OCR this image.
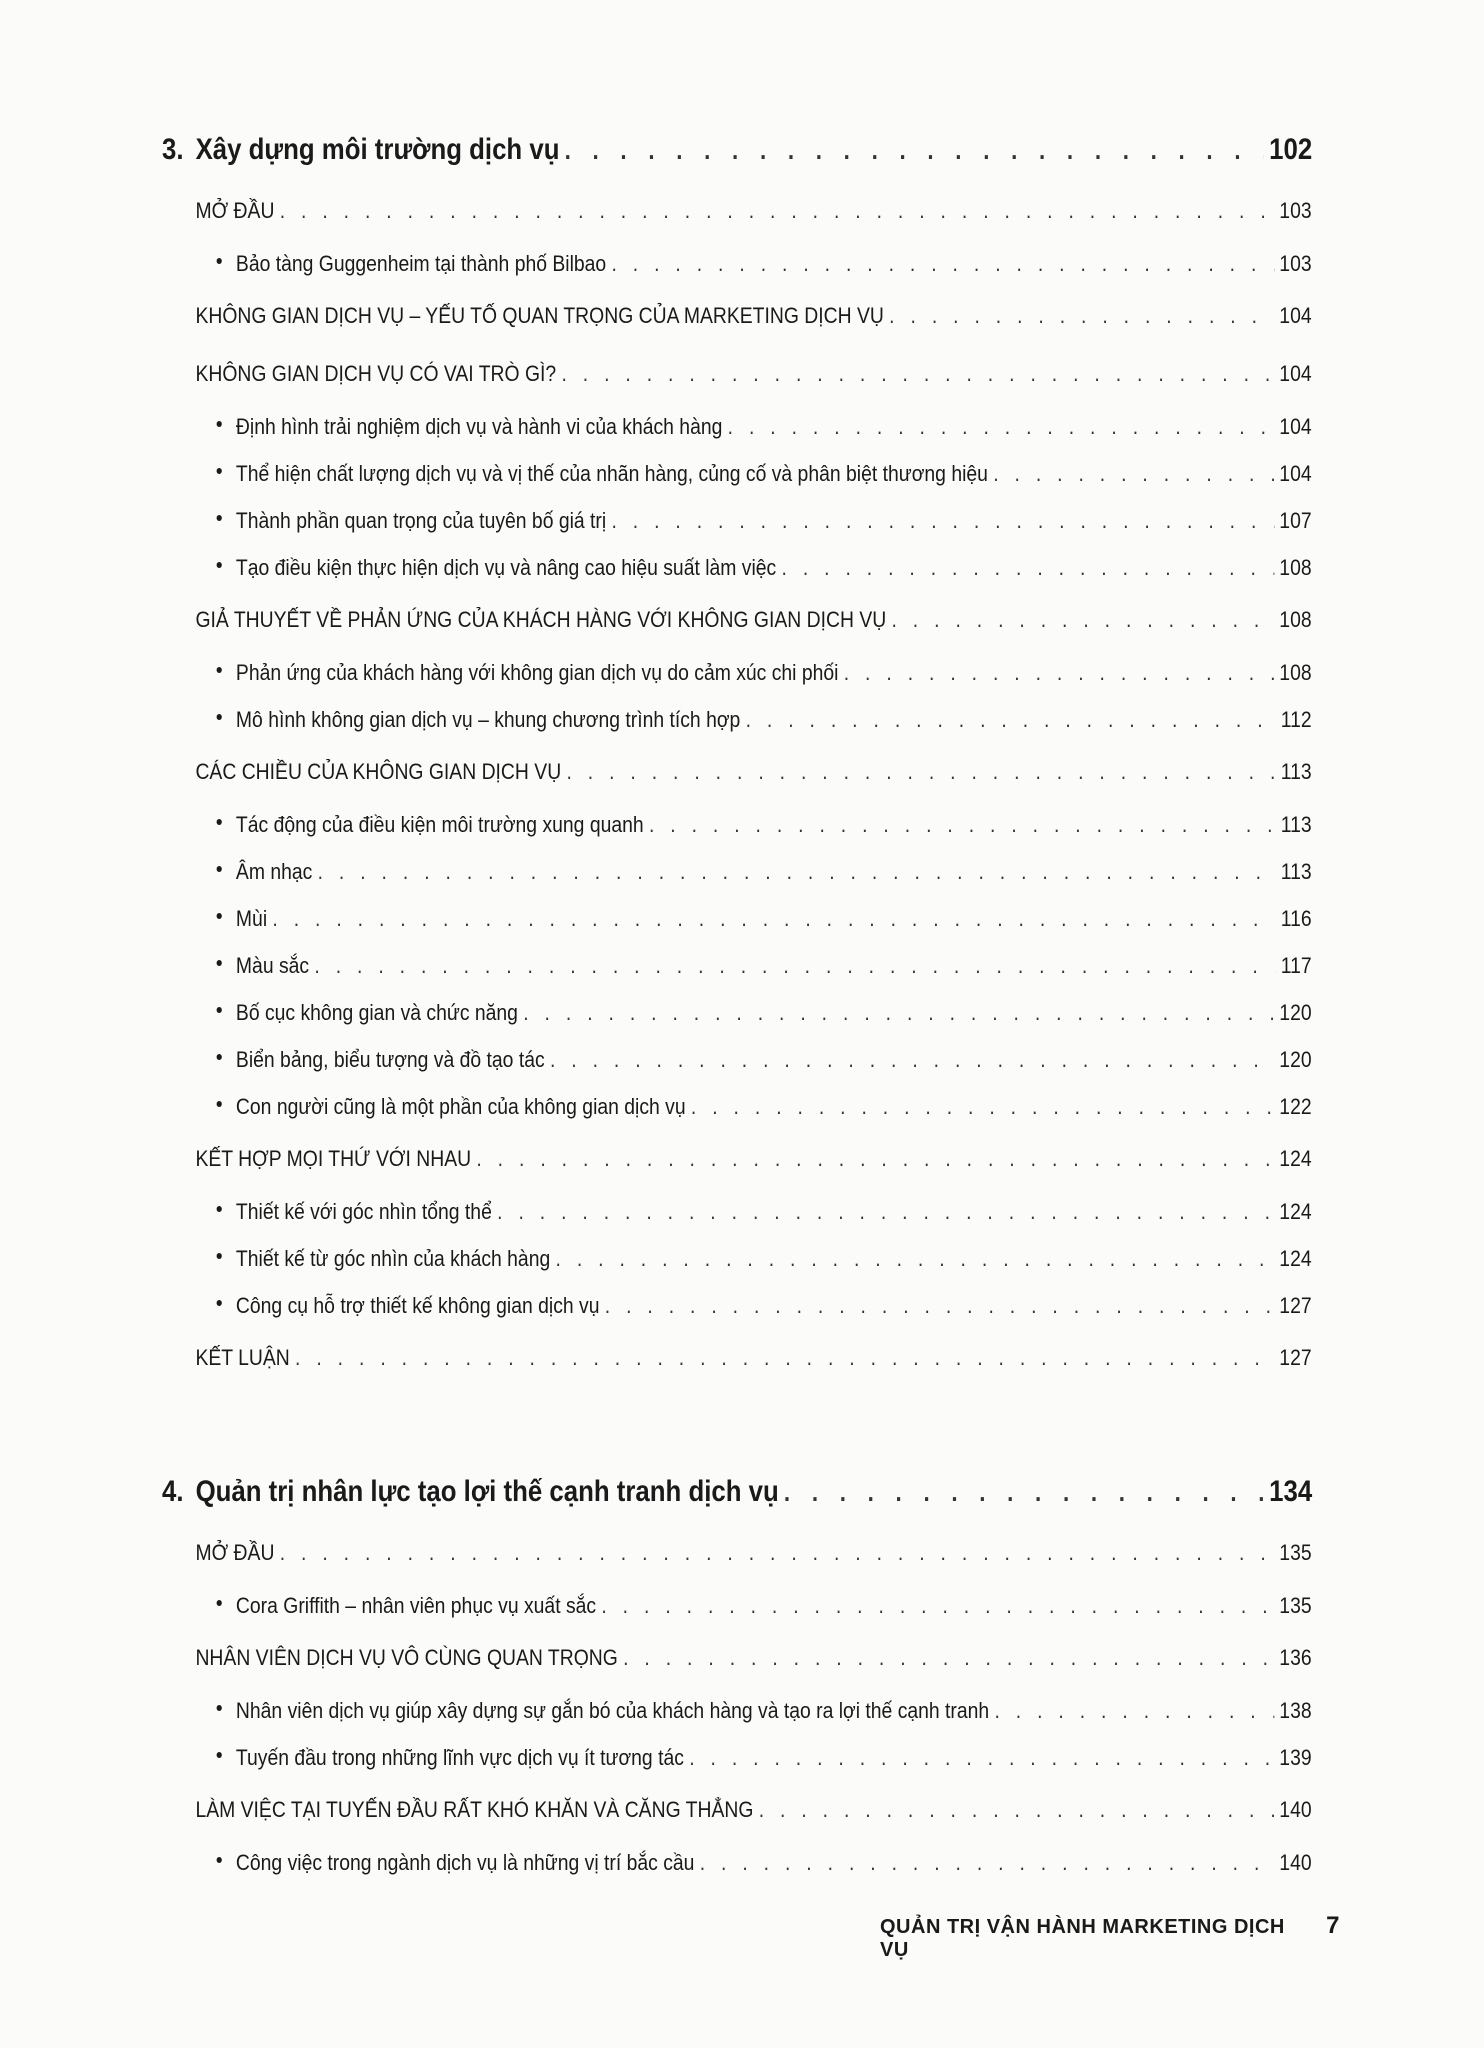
3. Xây dựng môi trường dịch vụ . . .	102
MỞ ĐẦU . . .	103
Bảo tàng Guggenheim tại thành phố Bilbao . . .	103
KHÔNG GIAN DỊCH VỤ – YẾU TỐ QUAN TRỌNG CỦA MARKETING DỊCH VỤ . . .	104
KHÔNG GIAN DỊCH VỤ CÓ VAI TRÒ GÌ? . . .	104
Định hình trải nghiệm dịch vụ và hành vi của khách hàng . . .	104
Thể hiện chất lượng dịch vụ và vị thế của nhãn hàng, củng cố và phân biệt thương hiệu . . .	104
Thành phần quan trọng của tuyên bố giá trị . . .	107
Tạo điều kiện thực hiện dịch vụ và nâng cao hiệu suất làm việc . . .	108
GIẢ THUYẾT VỀ PHẢN ỨNG CỦA KHÁCH HÀNG VỚI KHÔNG GIAN DỊCH VỤ . . .	108
Phản ứng của khách hàng với không gian dịch vụ do cảm xúc chi phối . . .	108
Mô hình không gian dịch vụ – khung chương trình tích hợp . . .	112
CÁC CHIỀU CỦA KHÔNG GIAN DỊCH VỤ . . .	113
Tác động của điều kiện môi trường xung quanh . . .	113
Âm nhạc . . .	113
Mùi . . .	116
Màu sắc . . .	117
Bố cục không gian và chức năng . . .	120
Biển bảng, biểu tượng và đồ tạo tác . . .	120
Con người cũng là một phần của không gian dịch vụ . . .	122
KẾT HỢP MỌI THỨ VỚI NHAU . . .	124
Thiết kế với góc nhìn tổng thể . . .	124
Thiết kế từ góc nhìn của khách hàng . . .	124
Công cụ hỗ trợ thiết kế không gian dịch vụ . . .	127
KẾT LUẬN . . .	127
4. Quản trị nhân lực tạo lợi thế cạnh tranh dịch vụ . . .	134
MỞ ĐẦU . . .	135
Cora Griffith – nhân viên phục vụ xuất sắc . . .	135
NHÂN VIÊN DỊCH VỤ VÔ CÙNG QUAN TRỌNG . . .	136
Nhân viên dịch vụ giúp xây dựng sự gắn bó của khách hàng và tạo ra lợi thế cạnh tranh . . .	138
Tuyến đầu trong những lĩnh vực dịch vụ ít tương tác . . .	139
LÀM VIỆC TẠI TUYẾN ĐẦU RẤT KHÓ KHĂN VÀ CĂNG THẲNG . . .	140
Công việc trong ngành dịch vụ là những vị trí bắc cầu . . .	140
QUẢN TRỊ VẬN HÀNH MARKETING DỊCH VỤ
7
